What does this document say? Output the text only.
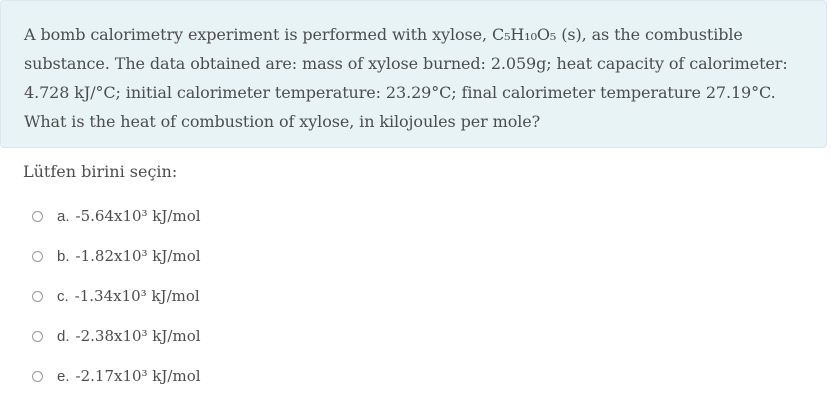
A bomb calorimetry experiment is performed with xylose, C₅H₁₀O₅ (s), as the combustible substance. The data obtained are: mass of xylose burned: 2.059g; heat capacity of calorimeter: 4.728 kJ/°C; initial calorimeter temperature: 23.29°C; final calorimeter temperature 27.19°C. What is the heat of combustion of xylose, in kilojoules per mole?
Lütfen birini seçin:
a. -5.64x10³ kJ/mol
b. -1.82x10³ kJ/mol
c. -1.34x10³ kJ/mol
d. -2.38x10³ kJ/mol
e. -2.17x10³ kJ/mol
